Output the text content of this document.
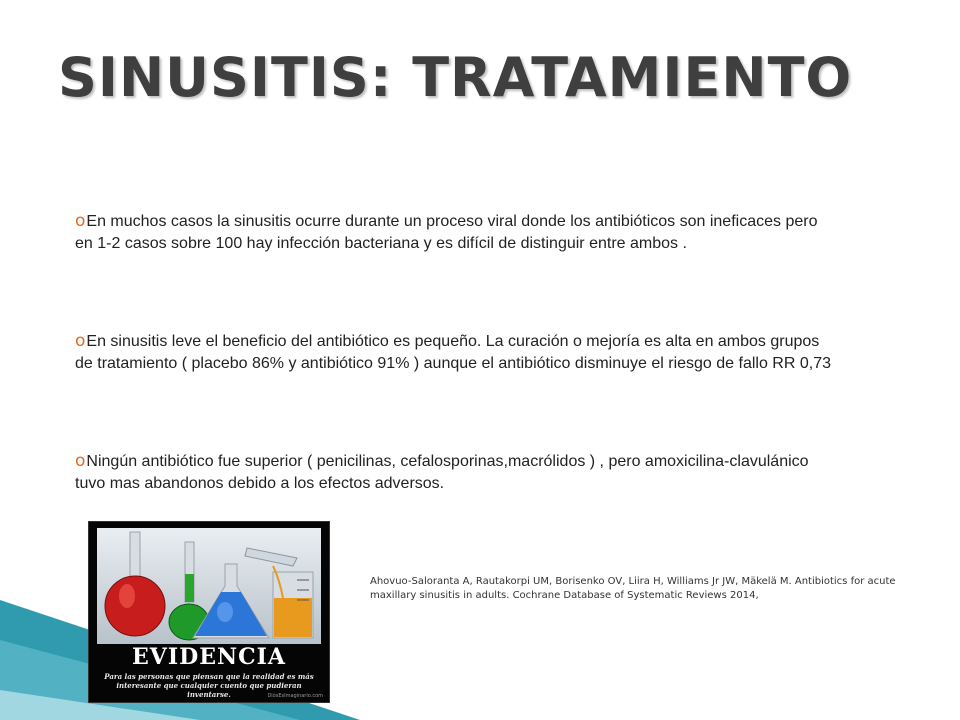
SINUSITIS: TRATAMIENTO
oEn muchos casos la sinusitis ocurre durante un proceso viral donde los antibióticos son ineficaces pero en 1-2 casos sobre 100 hay infección bacteriana y es difícil de distinguir entre ambos .
oEn sinusitis leve el beneficio del antibiótico es pequeño. La curación o mejoría es alta en ambos grupos de tratamiento ( placebo 86% y antibiótico 91% ) aunque el antibiótico disminuye el riesgo de fallo RR 0,73
oNingún antibiótico fue superior ( penicilinas, cefalosporinas,macrólidos ) , pero amoxicilina-clavulánico tuvo mas abandonos debido a los efectos adversos.
EVIDENCIA
Para las personas que piensan que la realidad es más interesante que cualquier cuento que pudieran inventarse.	DiosEsImaginario.com
Ahovuo-Saloranta A, Rautakorpi UM, Borisenko OV, Liira H, Williams Jr JW, Mäkelä M. Antibiotics for acute maxillary sinusitis in adults. Cochrane Database of Systematic Reviews 2014,
